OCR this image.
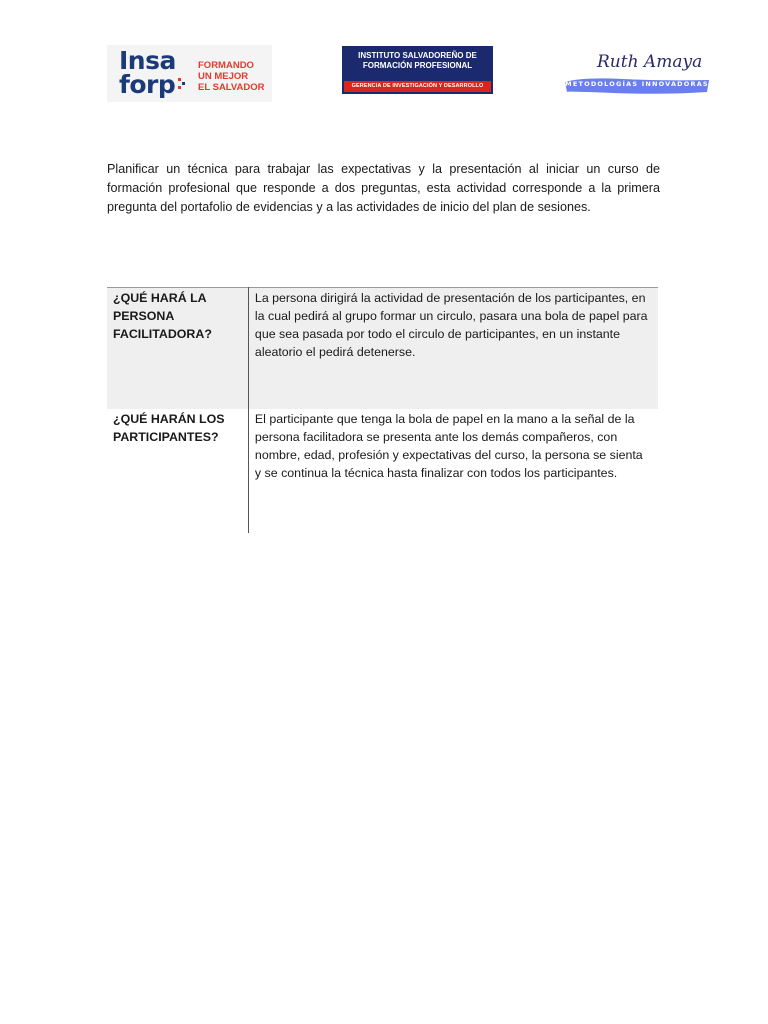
Insa
forp
FORMANDO
UN MEJOR
EL SALVADOR
INSTITUTO SALVADOREÑO DE
FORMACIÓN PROFESIONAL
GERENCIA DE INVESTIGACIÓN Y DESARROLLO
Ruth Amaya
METODOLOGÍAS INNOVADORAS

Planificar un técnica para trabajar las expectativas y la presentación al iniciar un curso de formación profesional que responde a dos preguntas, esta actividad corresponde a la primera pregunta del portafolio de evidencias y a las actividades de inicio del plan de sesiones.

¿QUÉ HARÁ LA PERSONA FACILITADORA?	La persona dirigirá la actividad de presentación de los participantes, en la cual pedirá al grupo formar un circulo, pasara una bola de papel para que sea pasada por todo el circulo de participantes, en un instante aleatorio el pedirá detenerse.
¿QUÉ HARÁN LOS PARTICIPANTES?	El participante que tenga la bola de papel en la mano a la señal de la persona facilitadora se presenta ante los demás compañeros, con nombre, edad, profesión y expectativas del curso, la persona se sienta y se continua la técnica hasta finalizar con todos los participantes.
